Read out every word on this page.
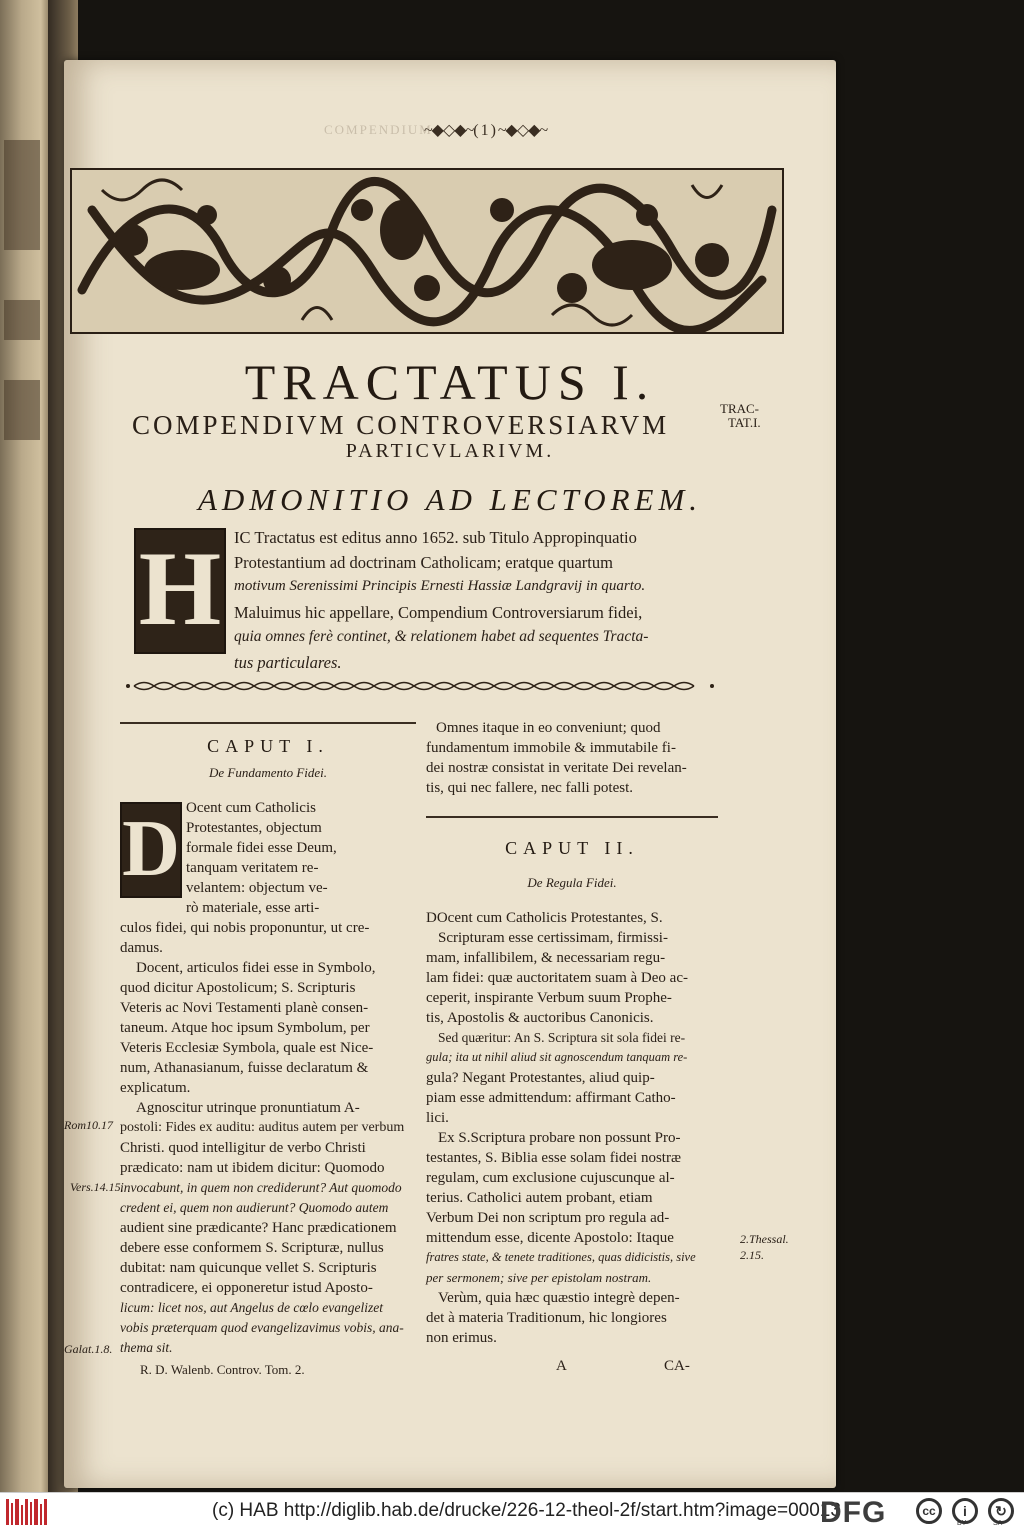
COMPENDIUM
~◆◇◆~(1)~◆◇◆~
TRACTATUS I.
COMPENDIVM CONTROVERSIARVM
TRAC-
TAT.I.
PARTICVLARIVM.
ADMONITIO AD LECTOREM.
H IC Tractatus est editus anno 1652. sub Titulo Appropinquatio
Protestantium ad doctrinam Catholicam; eratque quartum
motivum Serenissimi Principis Ernesti Hassiæ Landgravij in quarto.
Maluimus hic appellare, Compendium Controversiarum fidei,
quia omnes ferè continet, & relationem habet ad sequentes Tracta-
tus particulares.
CAPUT I.
De Fundamento Fidei.
D Ocent cum Catholicis
Protestantes, objectum
formale fidei esse Deum,
tanquam veritatem re-
velantem: objectum ve-
rò materiale, esse arti-
culos fidei, qui nobis proponuntur, ut cre-
damus.
Docent, articulos fidei esse in Symbolo,
quod dicitur Apostolicum; S. Scripturis
Veteris ac Novi Testamenti planè consen-
taneum. Atque hoc ipsum Symbolum, per
Veteris Ecclesiæ Symbola, quale est Nice-
num, Athanasianum, fuisse declaratum &
explicatum.
Agnoscitur utrinque pronuntiatum A-
postoli: Fides ex auditu: auditus autem per verbum
Christi. quod intelligitur de verbo Christi
prædicato: nam ut ibidem dicitur: Quomodo
invocabunt, in quem non crediderunt? Aut quomodo
credent ei, quem non audierunt? Quomodo autem
audient sine prædicante? Hanc prædicationem
debere esse conformem S. Scripturæ, nullus
dubitat: nam quicunque vellet S. Scripturis
contradicere, ei opponeretur istud Aposto-
licum: licet nos, aut Angelus de cœlo evangelizet
vobis præterquam quod evangelizavimus vobis, ana-
thema sit.
Rom10.17
Vers.14.15.
Galat.1.8.
R. D. Walenb. Controv. Tom. 2.
Omnes itaque in eo conveniunt; quod
fundamentum immobile & immutabile fi-
dei nostræ consistat in veritate Dei revelan-
tis, qui nec fallere, nec falli potest.
CAPUT II.
De Regula Fidei.
DOcent cum Catholicis Protestantes, S.
Scripturam esse certissimam, firmissi-
mam, infallibilem, & necessariam regu-
lam fidei: quæ auctoritatem suam à Deo ac-
ceperit, inspirante Verbum suum Prophe-
tis, Apostolis & auctoribus Canonicis.
Sed quæritur: An S. Scriptura sit sola fidei re-
gula; ita ut nihil aliud sit agnoscendum tanquam re-
gula? Negant Protestantes, aliud quip-
piam esse admittendum: affirmant Catho-
lici.
Ex S.Scriptura probare non possunt Pro-
testantes, S. Biblia esse solam fidei nostræ
regulam, cum exclusione cujuscunque al-
terius. Catholici autem probant, etiam
Verbum Dei non scriptum pro regula ad-
mittendum esse, dicente Apostolo: Itaque
fratres state, & tenete traditiones, quas didicistis, sive
per sermonem; sive per epistolam nostram.
Verùm, quia hæc quæstio integrè depen-
det à materia Traditionum, hic longiores
non erimus.
2.Thessal.
2.15.
A	CA-
(c) HAB http://diglib.hab.de/drucke/226-12-theol-2f/start.htm?image=00013
DFG	cc	i
BY
↻
SA
